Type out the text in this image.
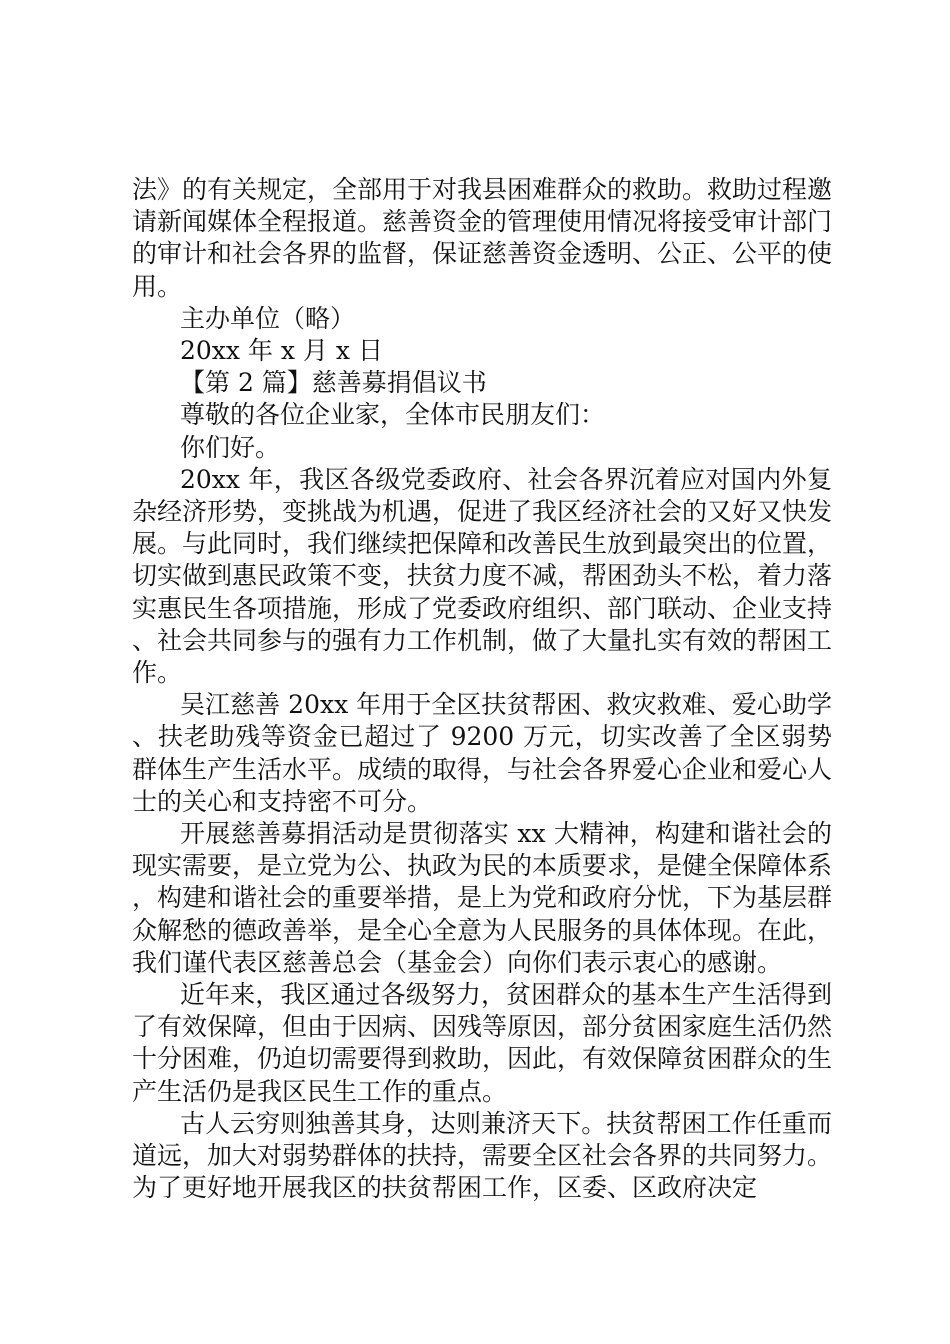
法》的有关规定，全部用于对我县困难群众的救助。救助过程邀请新闻媒体全程报道。慈善资金的管理使用情况将接受审计部门的审计和社会各界的监督，保证慈善资金透明、公正、公平的使用。

主办单位（略）

20xx 年 x 月 x 日

【第 2 篇】慈善募捐倡议书

尊敬的各位企业家，全体市民朋友们：

你们好。

20xx 年，我区各级党委政府、社会各界沉着应对国内外复杂经济形势，变挑战为机遇，促进了我区经济社会的又好又快发展。与此同时，我们继续把保障和改善民生放到最突出的位置，切实做到惠民政策不变，扶贫力度不减，帮困劲头不松，着力落实惠民生各项措施，形成了党委政府组织、部门联动、企业支持、社会共同参与的强有力工作机制，做了大量扎实有效的帮困工作。

吴江慈善 20xx 年用于全区扶贫帮困、救灾救难、爱心助学、扶老助残等资金已超过了 9200 万元，切实改善了全区弱势群体生产生活水平。成绩的取得，与社会各界爱心企业和爱心人士的关心和支持密不可分。

开展慈善募捐活动是贯彻落实 xx 大精神，构建和谐社会的现实需要，是立党为公、执政为民的本质要求，是健全保障体系，构建和谐社会的重要举措，是上为党和政府分忧，下为基层群众解愁的德政善举，是全心全意为人民服务的具体体现。在此，我们谨代表区慈善总会（基金会）向你们表示衷心的感谢。

近年来，我区通过各级努力，贫困群众的基本生产生活得到了有效保障，但由于因病、因残等原因，部分贫困家庭生活仍然十分困难，仍迫切需要得到救助，因此，有效保障贫困群众的生产生活仍是我区民生工作的重点。

古人云穷则独善其身，达则兼济天下。扶贫帮困工作任重而道远，加大对弱势群体的扶持，需要全区社会各界的共同努力。为了更好地开展我区的扶贫帮困工作，区委、区政府决定
